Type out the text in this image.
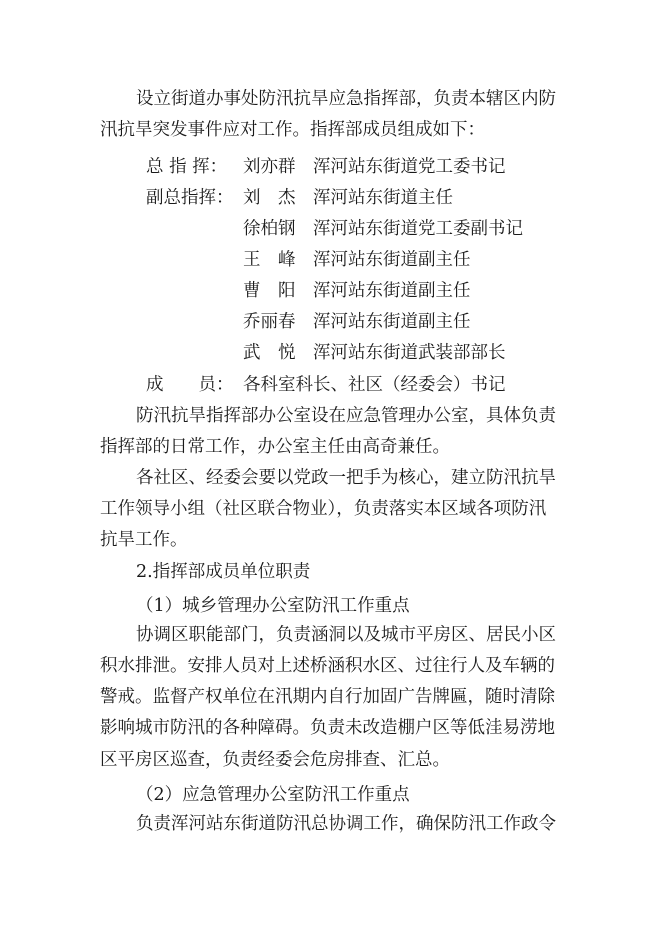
设立街道办事处防汛抗旱应急指挥部，负责本辖区内防
汛抗旱突发事件应对工作。指挥部成员组成如下：
总 指 挥： 刘亦群 浑河站东街道党工委书记
副总指挥： 刘　杰 浑河站东街道主任
徐柏钢 浑河站东街道党工委副书记
王　峰 浑河站东街道副主任
曹　阳 浑河站东街道副主任
乔丽春 浑河站东街道副主任
武　悦 浑河站东街道武装部部长
成　　员： 各科室科长、社区（经委会）书记
防汛抗旱指挥部办公室设在应急管理办公室，具体负责
指挥部的日常工作，办公室主任由高奇兼任。
各社区、经委会要以党政一把手为核心，建立防汛抗旱
工作领导小组（社区联合物业），负责落实本区域各项防汛
抗旱工作。
2.指挥部成员单位职责
（1）城乡管理办公室防汛工作重点
协调区职能部门，负责涵洞以及城市平房区、居民小区
积水排泄。安排人员对上述桥涵积水区、过往行人及车辆的
警戒。监督产权单位在汛期内自行加固广告牌匾，随时清除
影响城市防汛的各种障碍。负责未改造棚户区等低洼易涝地
区平房区巡查，负责经委会危房排查、汇总。
（2）应急管理办公室防汛工作重点
负责浑河站东街道防汛总协调工作，确保防汛工作政令
